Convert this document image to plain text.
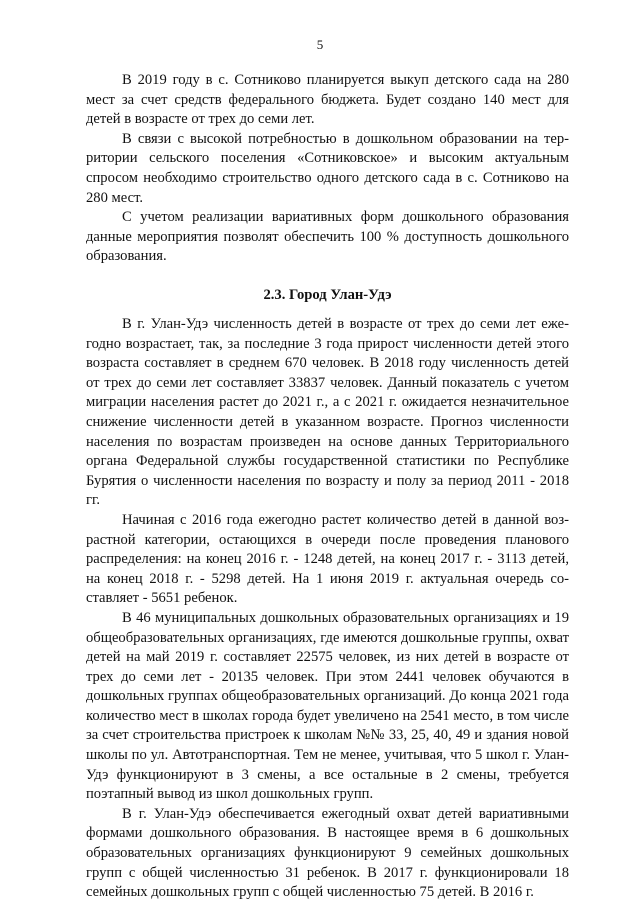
5

В 2019 году в с. Сотниково планируется выкуп детского сада на 280 мест за счет средств федерального бюджета. Будет создано 140 мест для детей в возрасте от трех до семи лет.

В связи с высокой потребностью в дошкольном образовании на территории сельского поселения «Сотниковское» и высоким актуальным спросом необходимо строительство одного детского сада в с. Сотниково на 280 мест.

С учетом реализации вариативных форм дошкольного образования данные мероприятия позволят обеспечить 100 % доступность дошкольного образования.

2.3. Город Улан-Удэ

В г. Улан-Удэ численность детей в возрасте от трех до семи лет ежегодно возрастает, так, за последние 3 года прирост численности детей этого возраста составляет в среднем 670 человек. В 2018 году численность детей от трех до семи лет составляет 33837 человек. Данный показатель с учетом миграции населения растет до 2021 г., а с 2021 г. ожидается незначительное снижение численности детей в указанном возрасте. Прогноз численности населения по возрастам произведен на основе данных Территориального органа Федеральной службы государственной статистики по Республике Бурятия о численности населения по возрасту и полу за период 2011 - 2018 гг.

Начиная с 2016 года ежегодно растет количество детей в данной возрастной категории, остающихся в очереди после проведения планового распределения: на конец 2016 г. - 1248 детей, на конец 2017 г. - 3113 детей, на конец 2018 г. - 5298 детей. На 1 июня 2019 г. актуальная очередь составляет - 5651 ребенок.

В 46 муниципальных дошкольных образовательных организациях и 19 общеобразовательных организациях, где имеются дошкольные группы, охват детей на май 2019 г. составляет 22575 человек, из них детей в возрасте от трех до семи лет - 20135 человек. При этом 2441 человек обучаются в дошкольных группах общеобразовательных организаций. До конца 2021 года количество мест в школах города будет увеличено на 2541 место, в том числе за счет строительства пристроек к школам №№ 33, 25, 40, 49 и здания новой школы по ул. Автотранспортная. Тем не менее, учитывая, что 5 школ г. Улан-Удэ функционируют в 3 смены, а все остальные в 2 смены, требуется поэтапный вывод из школ дошкольных групп.

В г. Улан-Удэ обеспечивается ежегодный охват детей вариативными формами дошкольного образования. В настоящее время в 6 дошкольных образовательных организациях функционируют 9 семейных дошкольных групп с общей численностью 31 ребенок. В 2017 г. функционировали 18 семейных дошкольных групп с общей численностью 75 детей. В 2016 г.
